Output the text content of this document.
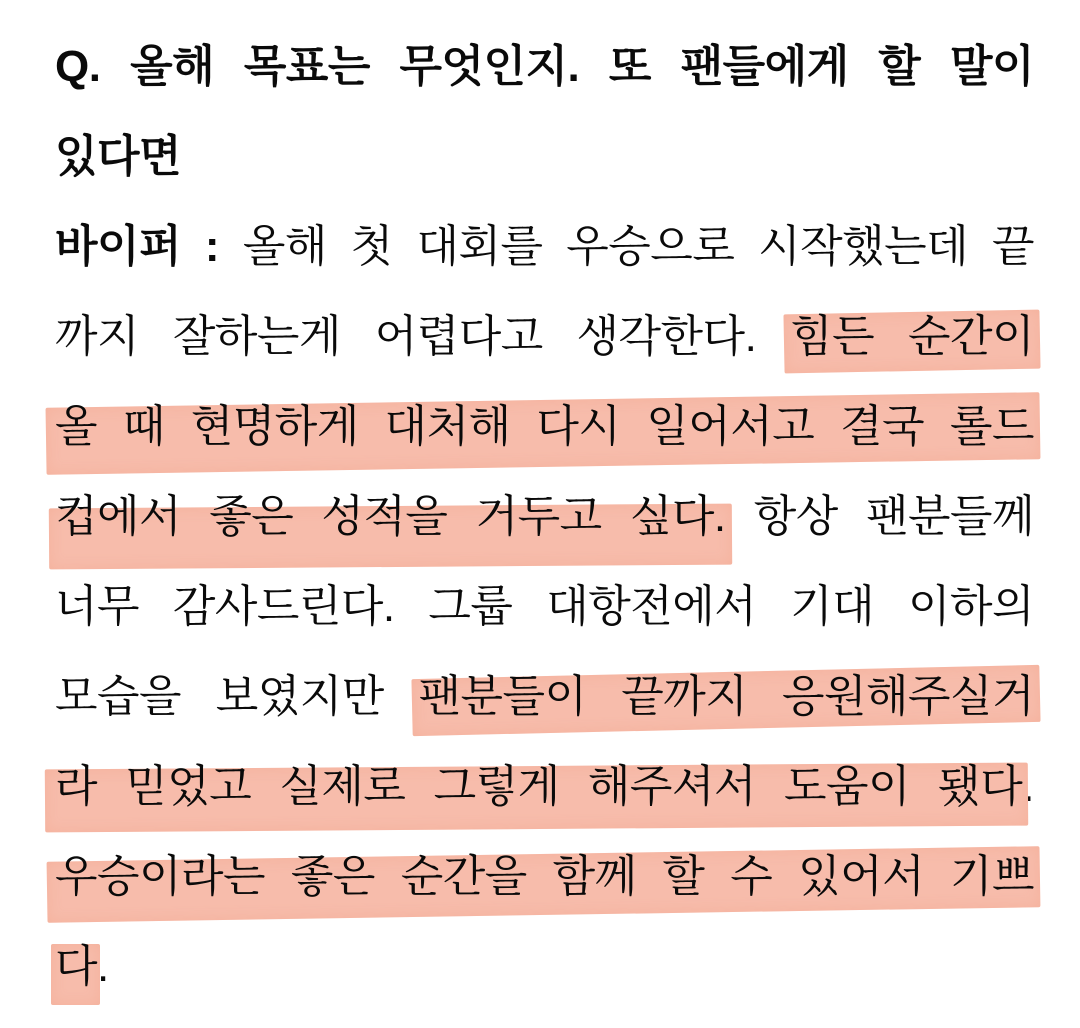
Q. 올해 목표는 무엇인지. 또 팬들에게 할 말이

있다면

바이퍼 : 올해 첫 대회를 우승으로 시작했는데 끝

까지 잘하는게 어렵다고 생각한다. 힘든 순간이

올 때 현명하게 대처해 다시 일어서고 결국 롤드

컵에서 좋은 성적을 거두고 싶다. 항상 팬분들께

너무 감사드린다. 그룹 대항전에서 기대 이하의

모습을 보였지만 팬분들이 끝까지 응원해주실거

라 믿었고 실제로 그렇게 해주셔서 도움이 됐다.

우승이라는 좋은 순간을 함께 할 수 있어서 기쁘

다.
